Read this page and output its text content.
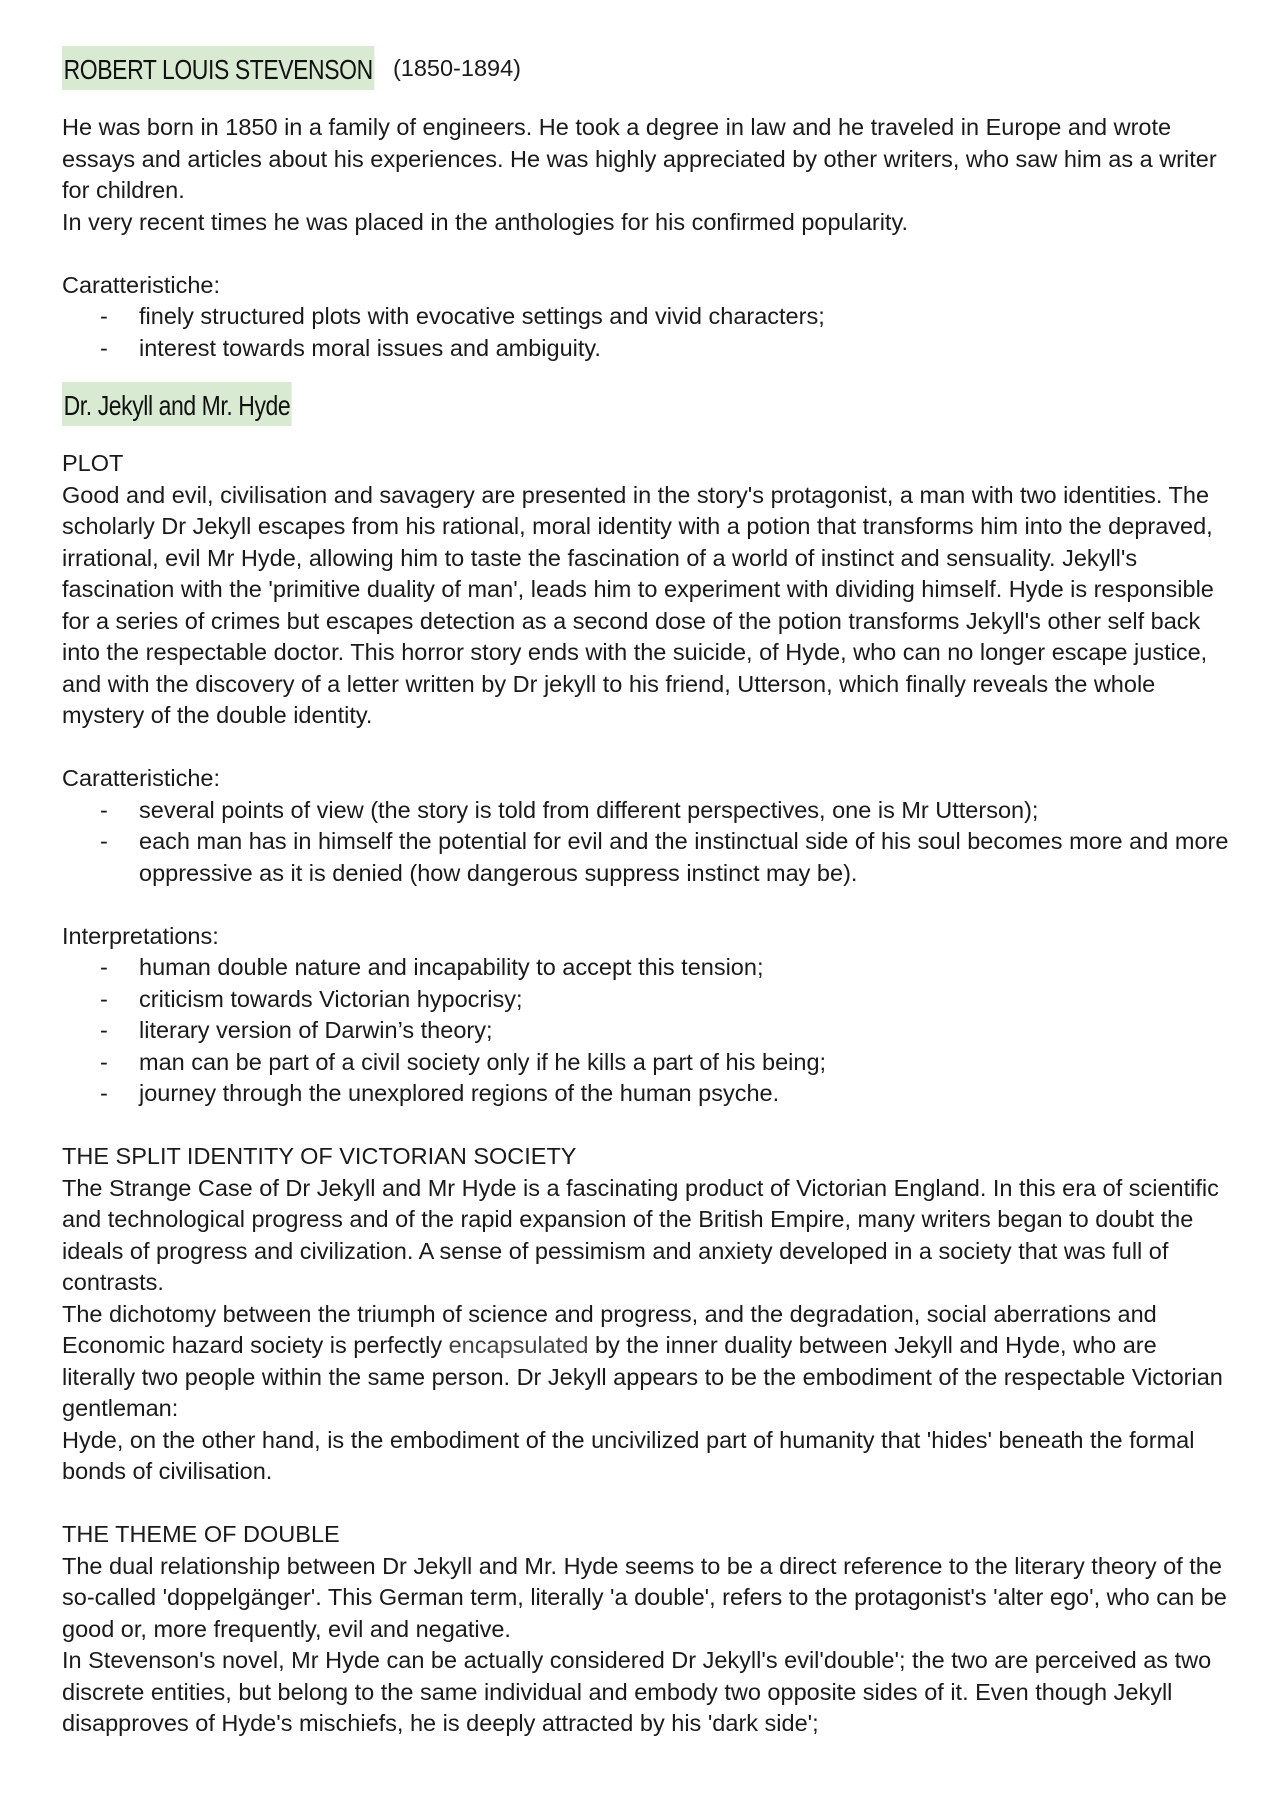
ROBERT LOUIS STEVENSON (1850-1894)

He was born in 1850 in a family of engineers. He took a degree in law and he traveled in Europe and wrote essays and articles about his experiences. He was highly appreciated by other writers, who saw him as a writer for children.

In very recent times he was placed in the anthologies for his confirmed popularity.

Caratteristiche:

- finely structured plots with evocative settings and vivid characters;
- interest towards moral issues and ambiguity.
Dr. Jekyll and Mr. Hyde

PLOT

Good and evil, civilisation and savagery are presented in the story's protagonist, a man with two identities. The scholarly Dr Jekyll escapes from his rational, moral identity with a potion that transforms him into the depraved, irrational, evil Mr Hyde, allowing him to taste the fascination of a world of instinct and sensuality. Jekyll's fascination with the 'primitive duality of man', leads him to experiment with dividing himself. Hyde is responsible for a series of crimes but escapes detection as a second dose of the potion transforms Jekyll's other self back into the respectable doctor. This horror story ends with the suicide, of Hyde, who can no longer escape justice, and with the discovery of a letter written by Dr jekyll to his friend, Utterson, which finally reveals the whole mystery of the double identity.

Caratteristiche:

- several points of view (the story is told from different perspectives, one is Mr Utterson);
- each man has in himself the potential for evil and the instinctual side of his soul becomes more and more oppressive as it is denied (how dangerous suppress instinct may be).

Interpretations:

- human double nature and incapability to accept this tension;
- criticism towards Victorian hypocrisy;
- literary version of Darwin’s theory;
- man can be part of a civil society only if he kills a part of his being;
- journey through the unexplored regions of the human psyche.

THE SPLIT IDENTITY OF VICTORIAN SOCIETY

The Strange Case of Dr Jekyll and Mr Hyde is a fascinating product of Victorian England. In this era of scientific and technological progress and of the rapid expansion of the British Empire, many writers began to doubt the ideals of progress and civilization. A sense of pessimism and anxiety developed in a society that was full of contrasts.

The dichotomy between the triumph of science and progress, and the degradation, social aberrations and Economic hazard society is perfectly encapsulated by the inner duality between Jekyll and Hyde, who are literally two people within the same person. Dr Jekyll appears to be the embodiment of the respectable Victorian gentleman:

Hyde, on the other hand, is the embodiment of the uncivilized part of humanity that 'hides' beneath the formal bonds of civilisation.

THE THEME OF DOUBLE

The dual relationship between Dr Jekyll and Mr. Hyde seems to be a direct reference to the literary theory of the so-called 'doppelgänger'. This German term, literally 'a double', refers to the protagonist's 'alter ego', who can be good or, more frequently, evil and negative.

In Stevenson's novel, Mr Hyde can be actually considered Dr Jekyll's evil'double'; the two are perceived as two discrete entities, but belong to the same individual and embody two opposite sides of it. Even though Jekyll disapproves of Hyde's mischiefs, he is deeply attracted by his 'dark side';
